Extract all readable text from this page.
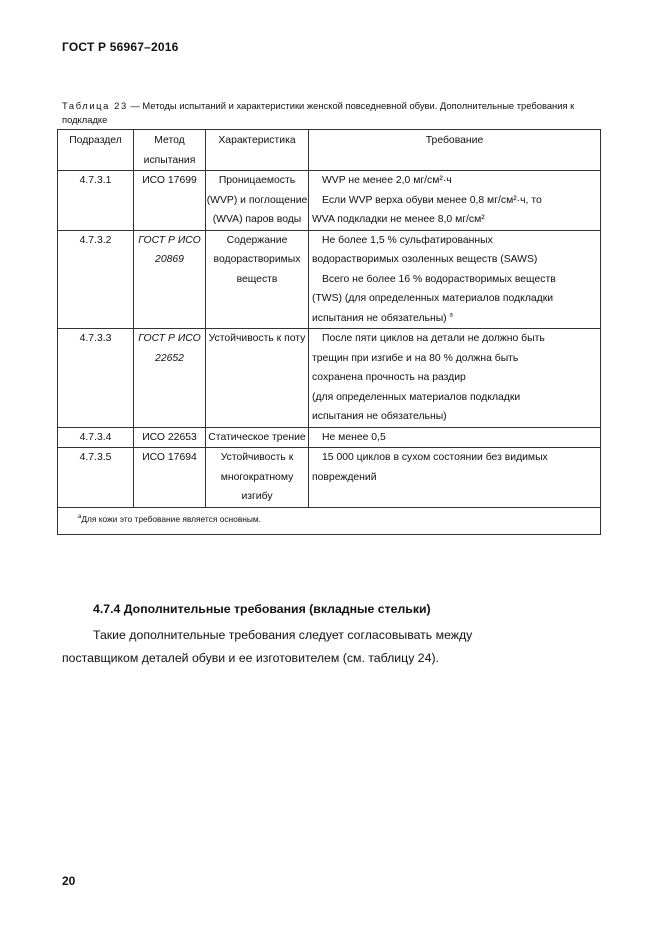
ГОСТ Р 56967–2016
Таблица 23 — Методы испытаний и характеристики женской повседневной обуви. Дополнительные требования к подкладке
Подраздел	Метод испытания	Характеристика	Требование
4.7.3.1	ИСО 17699	Проницаемость (WVP) и поглощение (WVA) паров воды	WVP не менее 2,0 мг/см²·ч

Если WVP верха обуви менее 0,8 мг/см²·ч, то

WVA подкладки не менее 8,0 мг/см²

4.7.3.2	ГОСТ Р ИСО 20869	Содержание водорастворимых веществ	Не более 1,5 % сульфатированных

водорастворимых озоленных веществ (SAWS)

Всего не более 16 % водорастворимых веществ

(TWS) (для определенных материалов подкладки

испытания не обязательны) $^a$

4.7.3.3	ГОСТ Р ИСО 22652	Устойчивость к поту	После пяти циклов на детали не должно быть

трещин при изгибе и на 80 % должна быть

сохранена прочность на раздир

(для определенных материалов подкладки

испытания не обязательны)

4.7.3.4	ИСО 22653	Статическое трение	Не менее 0,5

4.7.3.5	ИСО 17694	Устойчивость к многократному изгибу	15 000 циклов в сухом состоянии без видимых

повреждений

$^a$Для кожи это требование является основным.			
4.7.4 Дополнительные требования (вкладные стельки)

Такие дополнительные требования следует согласовывать между

поставщиком деталей обуви и ее изготовителем (см. таблицу 24).

20
